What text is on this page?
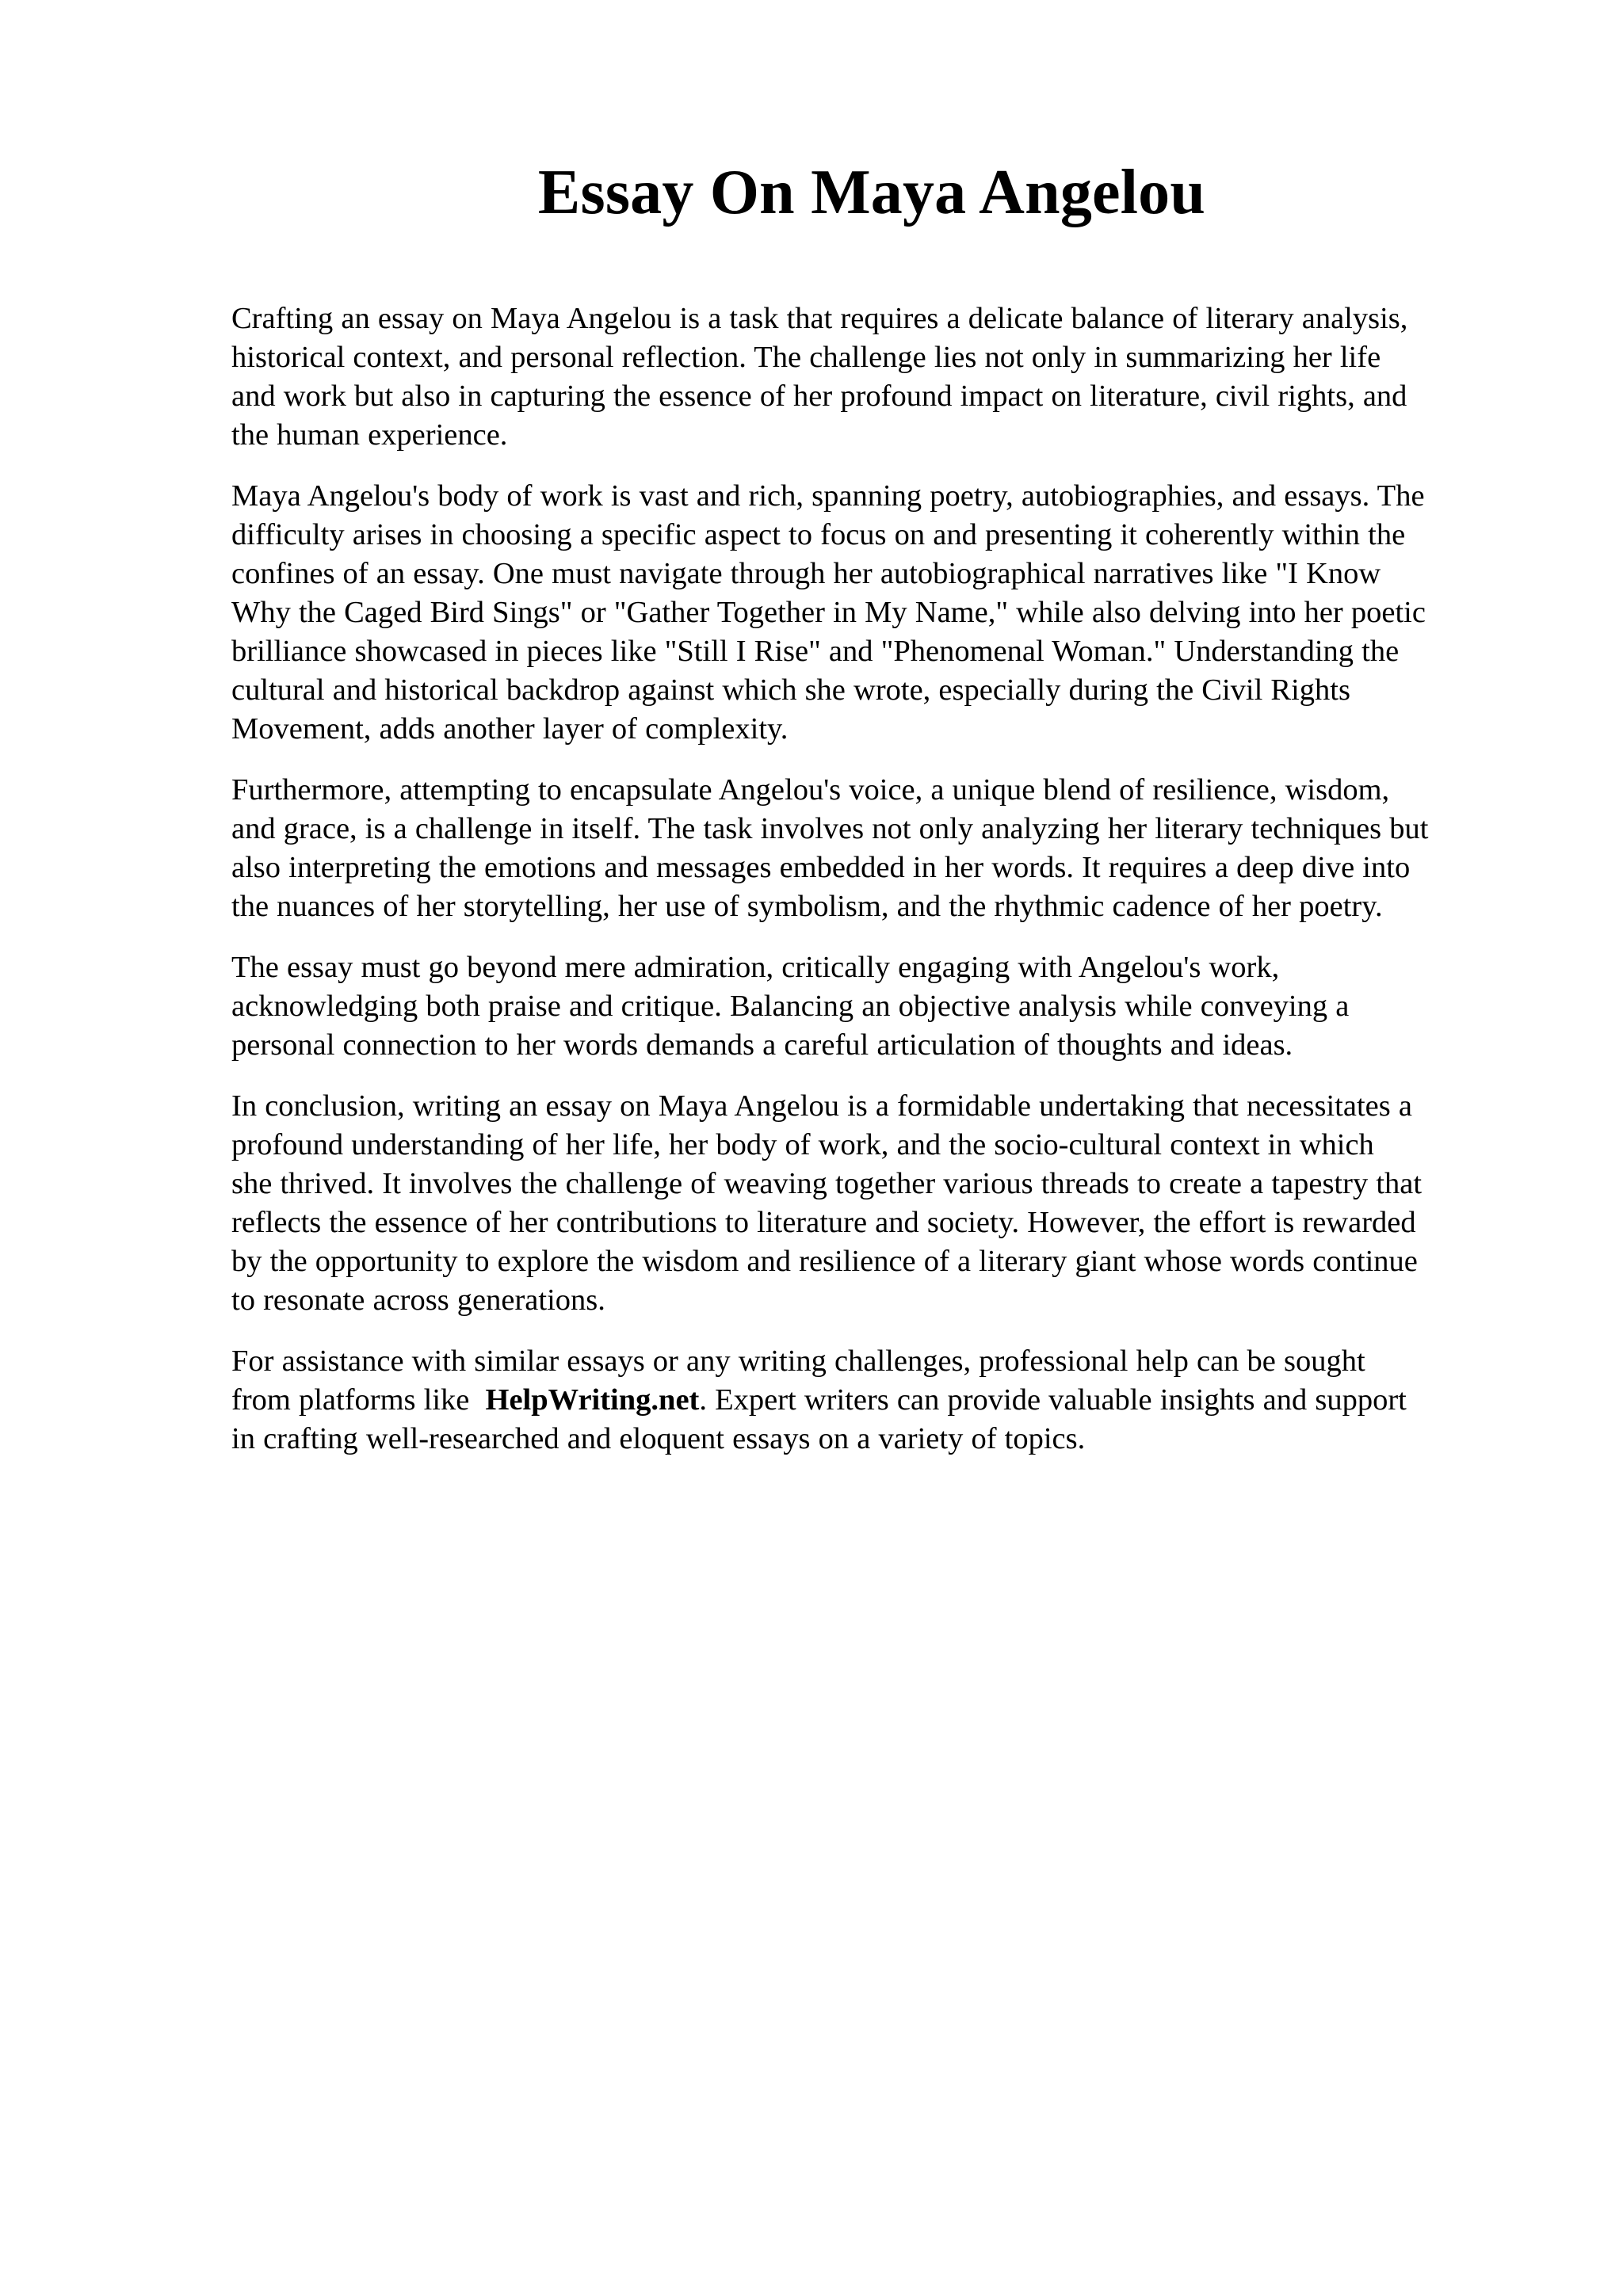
Essay On Maya Angelou

Crafting an essay on Maya Angelou is a task that requires a delicate balance of literary analysis,
historical context, and personal reflection. The challenge lies not only in summarizing her life
and work but also in capturing the essence of her profound impact on literature, civil rights, and
the human experience.

Maya Angelou's body of work is vast and rich, spanning poetry, autobiographies, and essays. The
difficulty arises in choosing a specific aspect to focus on and presenting it coherently within the
confines of an essay. One must navigate through her autobiographical narratives like "I Know
Why the Caged Bird Sings" or "Gather Together in My Name," while also delving into her poetic
brilliance showcased in pieces like "Still I Rise" and "Phenomenal Woman." Understanding the
cultural and historical backdrop against which she wrote, especially during the Civil Rights
Movement, adds another layer of complexity.

Furthermore, attempting to encapsulate Angelou's voice, a unique blend of resilience, wisdom,
and grace, is a challenge in itself. The task involves not only analyzing her literary techniques but
also interpreting the emotions and messages embedded in her words. It requires a deep dive into
the nuances of her storytelling, her use of symbolism, and the rhythmic cadence of her poetry.

The essay must go beyond mere admiration, critically engaging with Angelou's work,
acknowledging both praise and critique. Balancing an objective analysis while conveying a
personal connection to her words demands a careful articulation of thoughts and ideas.

In conclusion, writing an essay on Maya Angelou is a formidable undertaking that necessitates a
profound understanding of her life, her body of work, and the socio-cultural context in which
she thrived. It involves the challenge of weaving together various threads to create a tapestry that
reflects the essence of her contributions to literature and society. However, the effort is rewarded
by the opportunity to explore the wisdom and resilience of a literary giant whose words continue
to resonate across generations.

For assistance with similar essays or any writing challenges, professional help can be sought
from platforms like HelpWriting.net. Expert writers can provide valuable insights and support
in crafting well-researched and eloquent essays on a variety of topics.
